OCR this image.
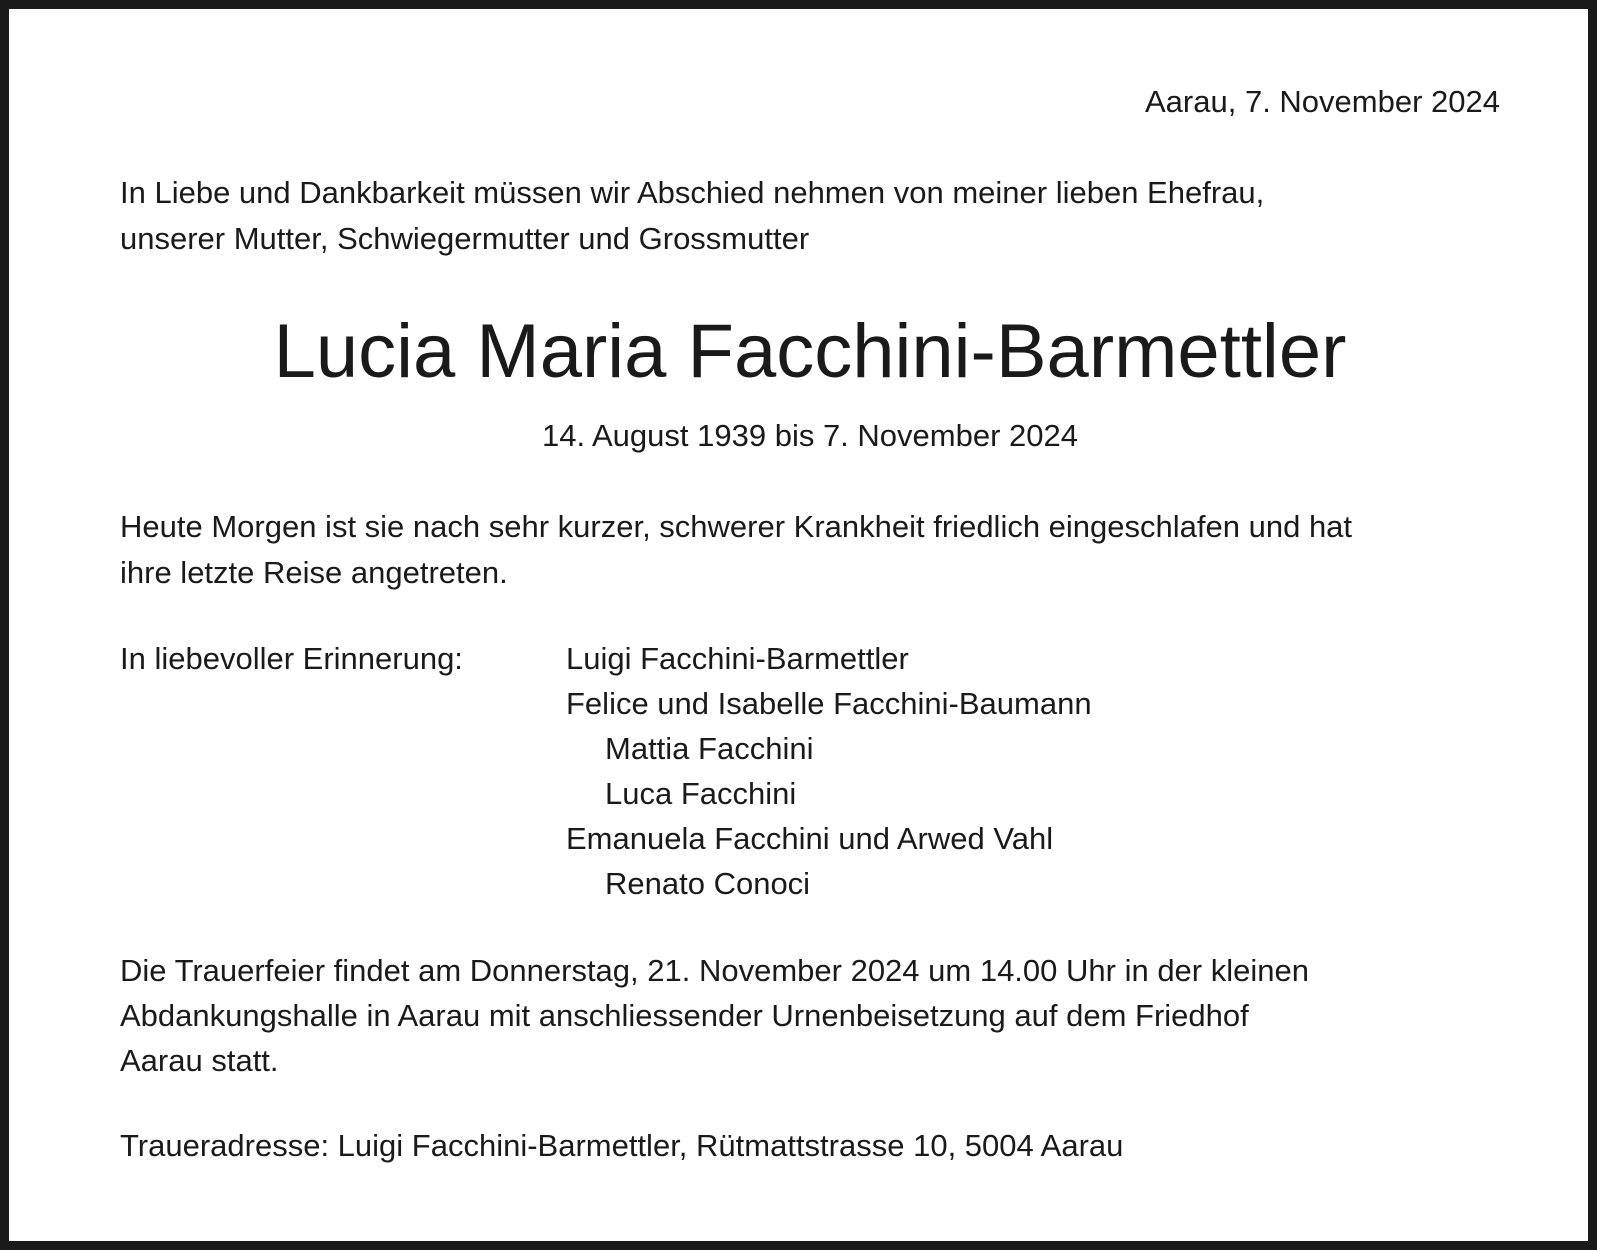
Aarau, 7. November 2024
In Liebe und Dankbarkeit müssen wir Abschied nehmen von meiner lieben Ehefrau,
unserer Mutter, Schwiegermutter und Grossmutter
Lucia Maria Facchini-Barmettler
14. August 1939 bis 7. November 2024
Heute Morgen ist sie nach sehr kurzer, schwerer Krankheit friedlich eingeschlafen und hat
ihre letzte Reise angetreten.
In liebevoller Erinnerung:	Luigi Facchini-Barmettler
Felice und Isabelle Facchini-Baumann
Mattia Facchini
Luca Facchini
Emanuela Facchini und Arwed Vahl
Renato Conoci
Die Trauerfeier findet am Donnerstag, 21. November 2024 um 14.00 Uhr in der kleinen
Abdankungshalle in Aarau mit anschliessender Urnenbeisetzung auf dem Friedhof
Aarau statt.
Traueradresse: Luigi Facchini-Barmettler, Rütmattstrasse 10, 5004 Aarau
